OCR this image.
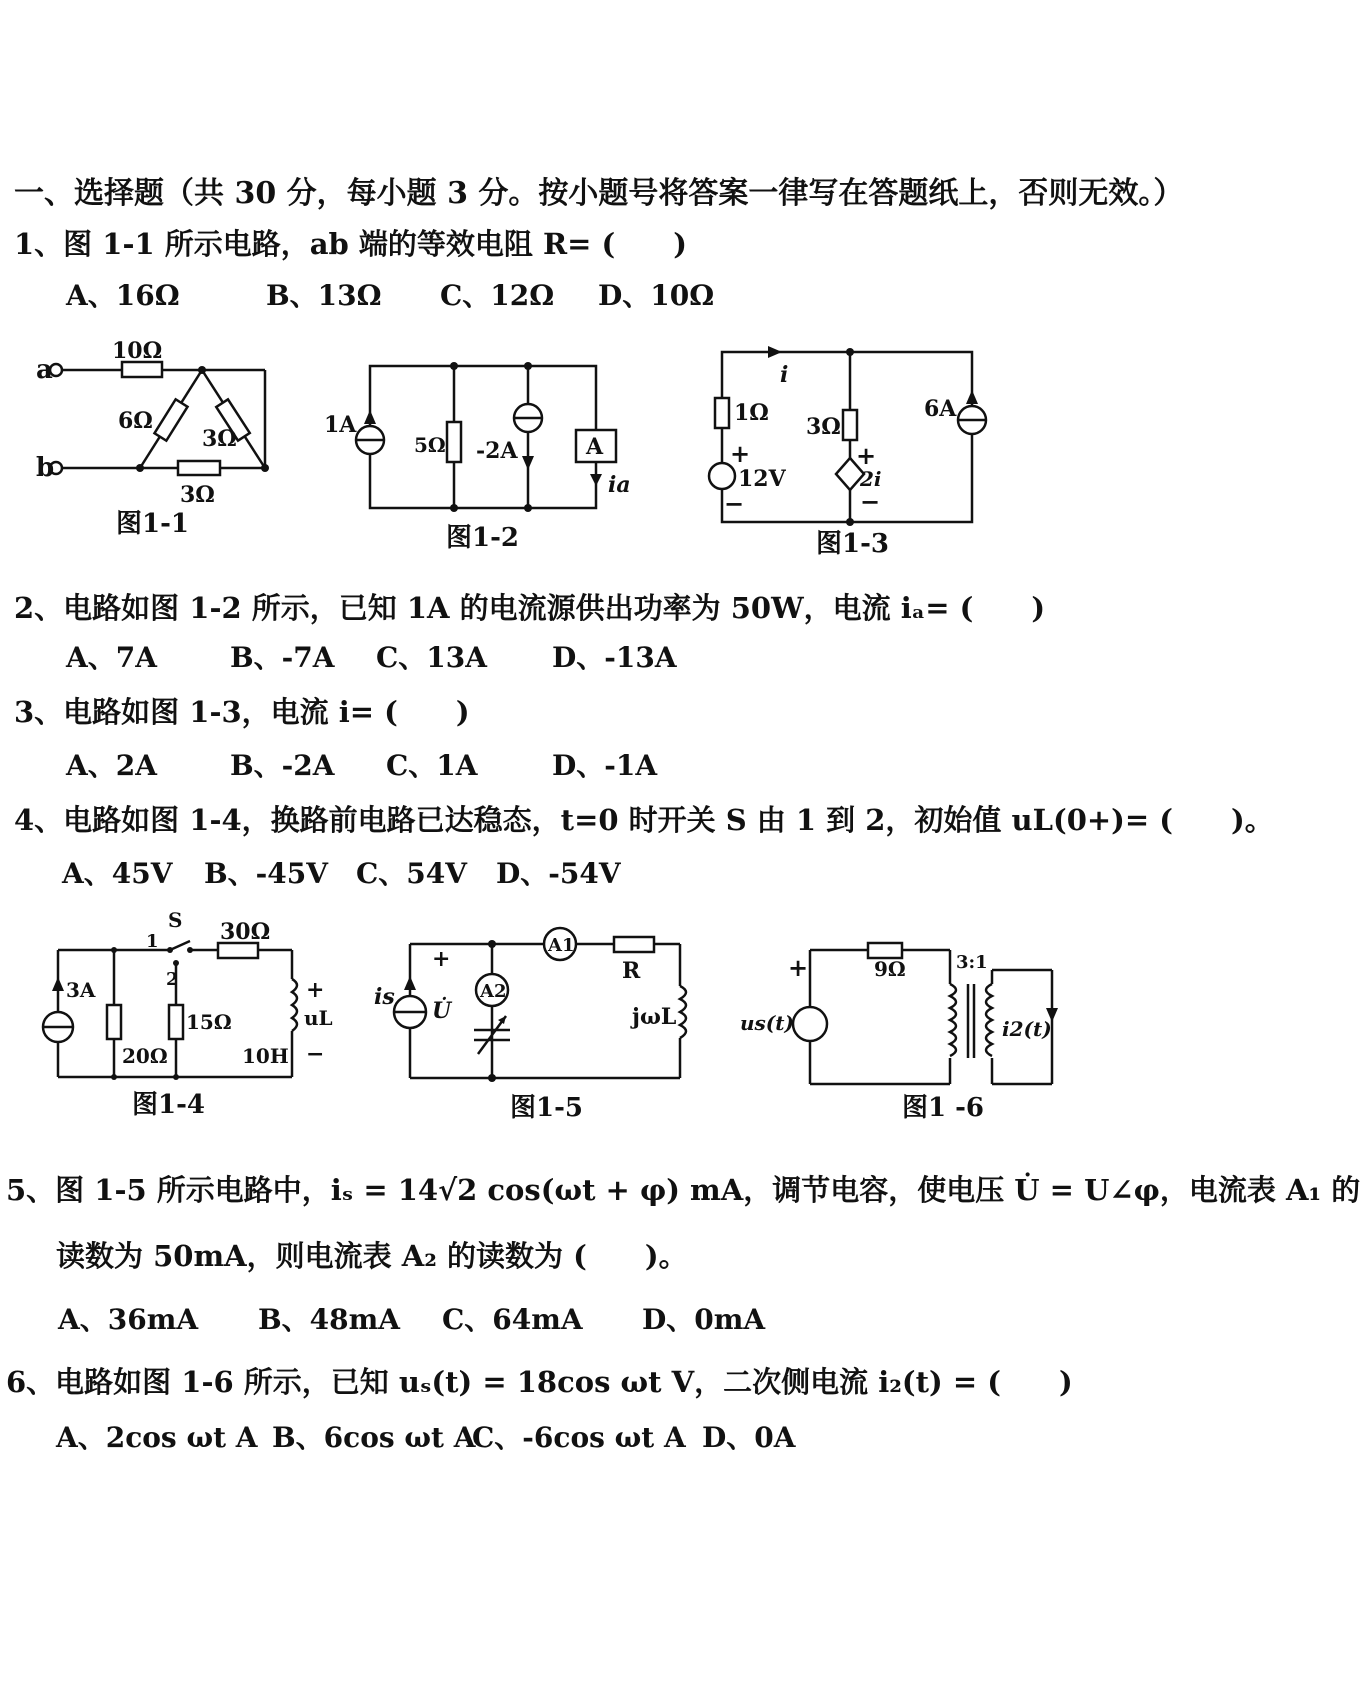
一、选择题（共 30 分，每小题 3 分。按小题号将答案一律写在答题纸上，否则无效。）
1、图 1-1 所示电路，ab 端的等效电阻 R= (　　)
A、16Ω	B、13Ω C、12Ω D、10Ω
a
b
10Ω
6Ω
3Ω
3Ω
图1-1
1A
5Ω -2A	A
ia
图1-2
i
1Ω
+
12V
−
3Ω
+
2i
−
6A
图1-3
2、电路如图 1-2 所示，已知 1A 的电流源供出功率为 50W，电流 iₐ= (　　)
A、7A	B、-7A C、13A D、-13A
3、电路如图 1-3，电流 i= (　　)
A、2A	B、-2A C、1A	D、-1A
4、电路如图 1-4，换路前电路已达稳态，t=0 时开关 S 由 1 到 2，初始值 uL(0+)= (　　)。
A、45V B、-45V C、54V D、-54V
S
1
2
30Ω
3A
20Ω
15Ω
10H
+
uL
−
图1-4
A1
A2
R
jωL
is
+
U̇
图1-5
9Ω	3:1
+
us(t)	i2(t)
图1 -6
5、图 1-5 所示电路中，iₛ = 14√2 cos(ωt + φ) mA，调节电容，使电压 U̇ = U∠φ，电流表 A₁ 的
读数为 50mA，则电流表 A₂ 的读数为 (　　)。
A、36mA B、48mA C、64mA D、0mA
6、电路如图 1-6 所示，已知 uₛ(t) = 18cos ωt V，二次侧电流 i₂(t) = (　　)
A、2cos ωt A B、6cos ωt A
C、-6cos ωt A D、0A
